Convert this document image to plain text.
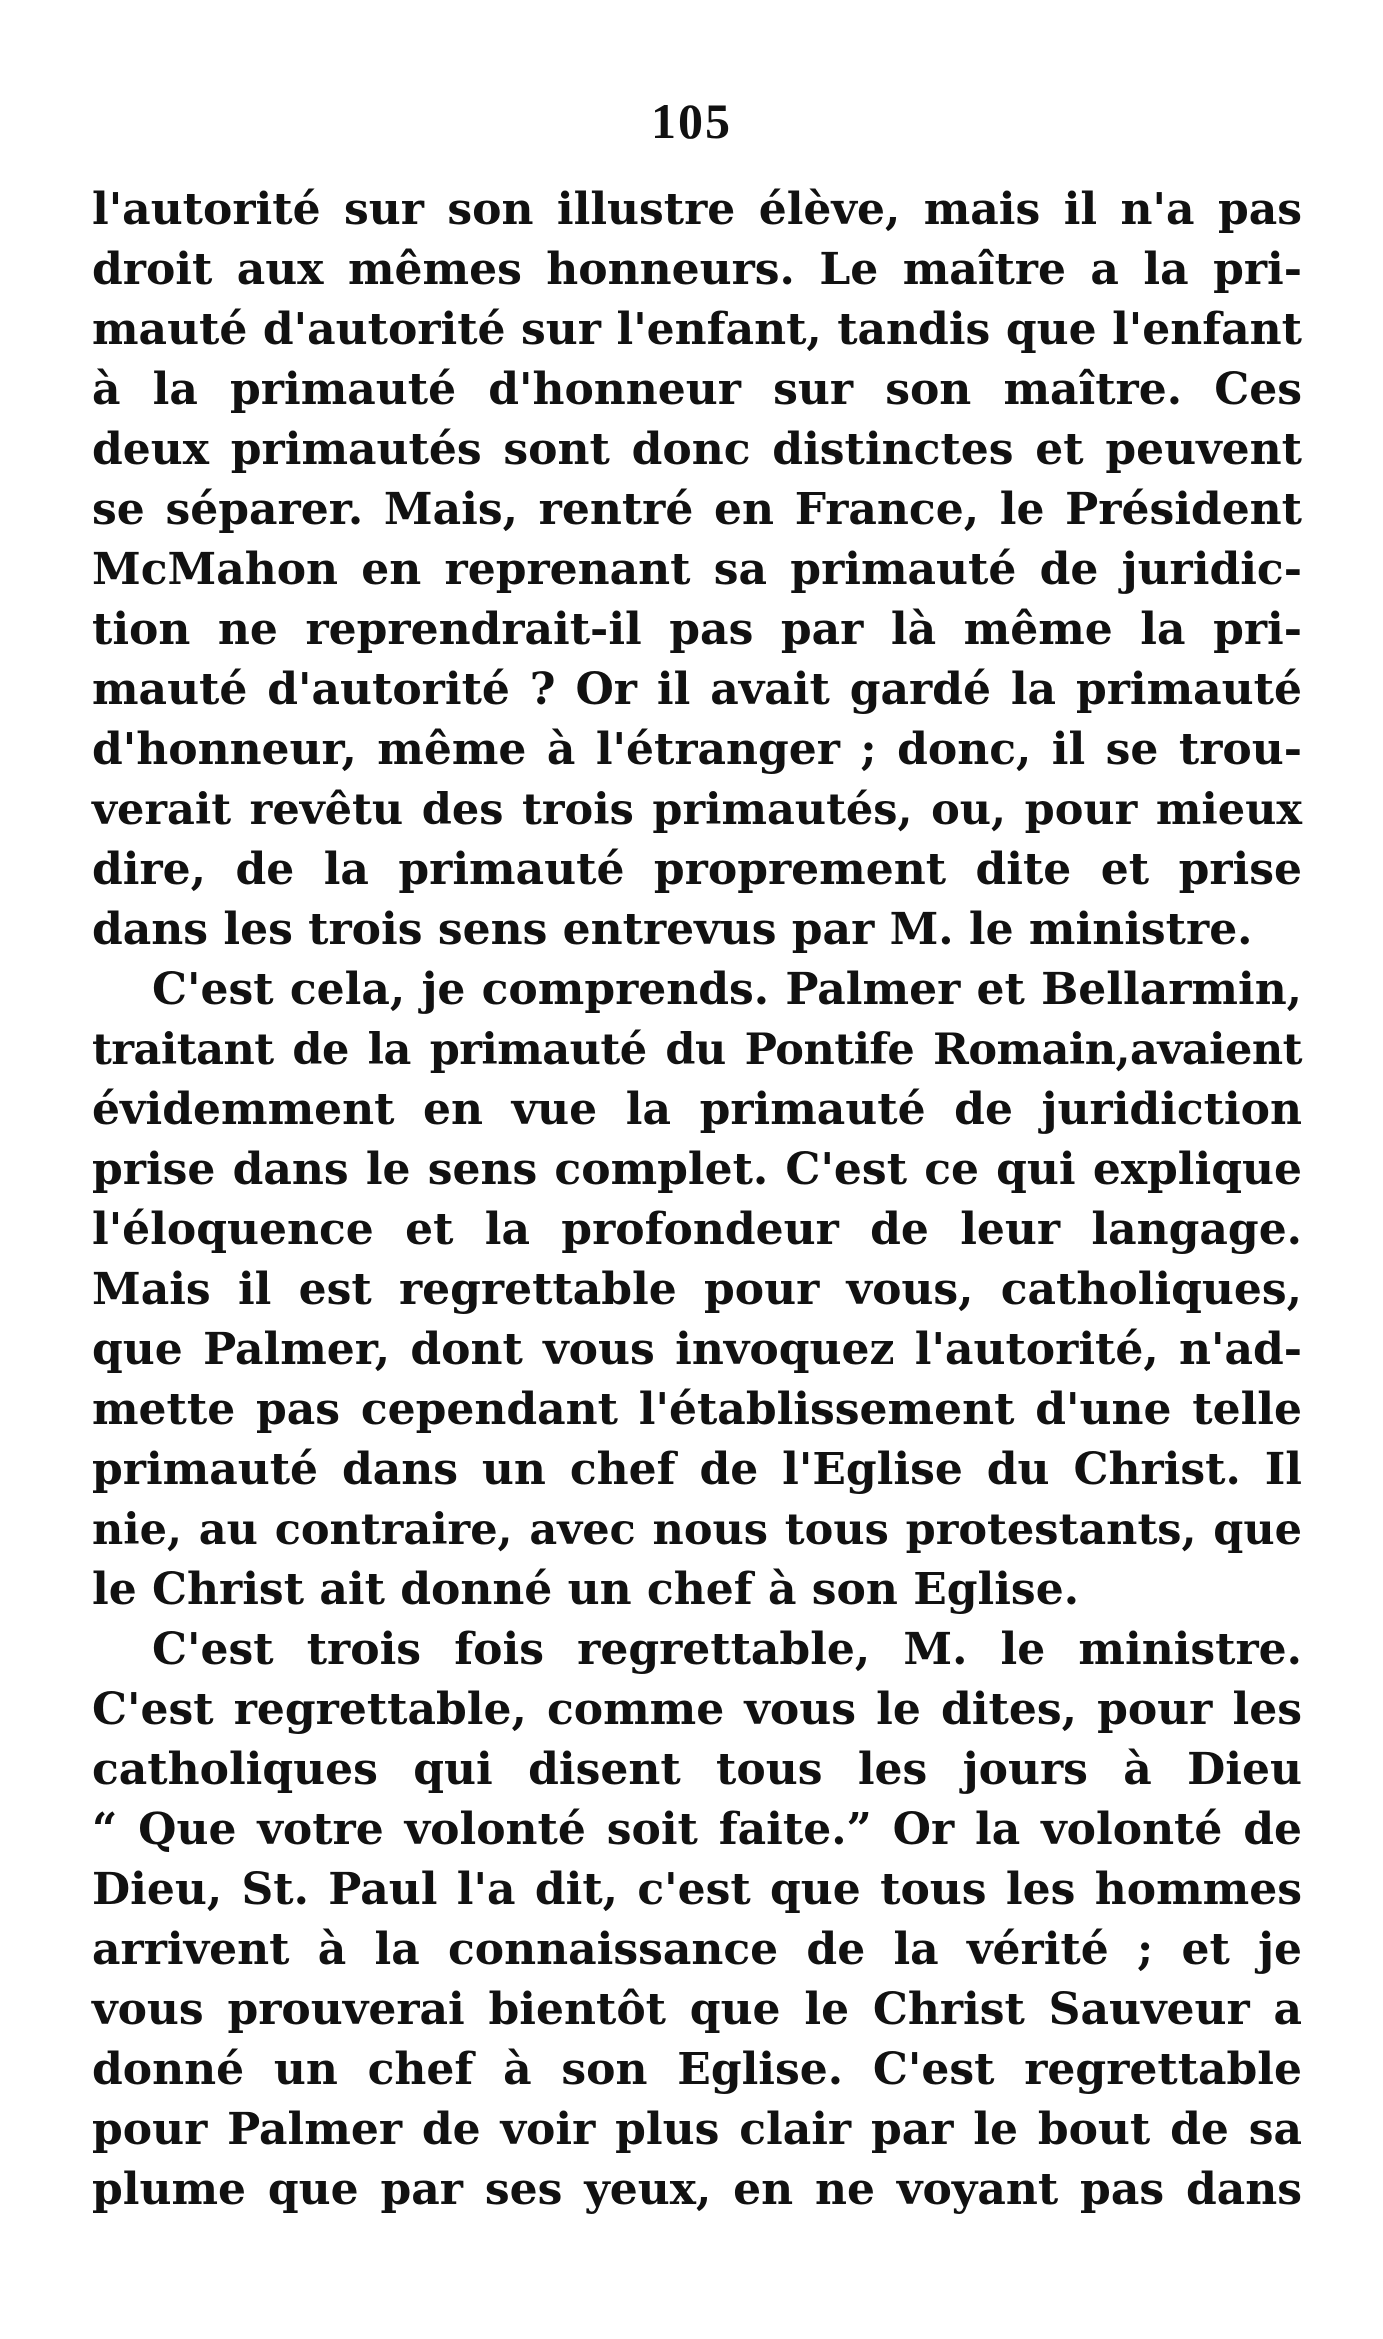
105
l'autorité sur son illustre élève, mais il n'a pas
droit aux mêmes honneurs. Le maître a la pri-
mauté d'autorité sur l'enfant, tandis que l'enfant
à la primauté d'honneur sur son maître. Ces
deux primautés sont donc distinctes et peuvent
se séparer. Mais, rentré en France, le Président
McMahon en reprenant sa primauté de juridic-
tion ne reprendrait-il pas par là même la pri-
mauté d'autorité ? Or il avait gardé la primauté
d'honneur, même à l'étranger ; donc, il se trou-
verait revêtu des trois primautés, ou, pour mieux
dire, de la primauté proprement dite et prise
dans les trois sens entrevus par M. le ministre.
C'est cela, je comprends. Palmer et Bellarmin,
traitant de la primauté du Pontife Romain,avaient
évidemment en vue la primauté de juridiction
prise dans le sens complet. C'est ce qui explique
l'éloquence et la profondeur de leur langage.
Mais il est regrettable pour vous, catholiques,
que Palmer, dont vous invoquez l'autorité, n'ad-
mette pas cependant l'établissement d'une telle
primauté dans un chef de l'Eglise du Christ. Il
nie, au contraire, avec nous tous protestants, que
le Christ ait donné un chef à son Eglise.
C'est trois fois regrettable, M. le ministre.
C'est regrettable, comme vous le dites, pour les
catholiques qui disent tous les jours à Dieu
“ Que votre volonté soit faite.” Or la volonté de
Dieu, St. Paul l'a dit, c'est que tous les hommes
arrivent à la connaissance de la vérité ; et je
vous prouverai bientôt que le Christ Sauveur a
donné un chef à son Eglise. C'est regrettable
pour Palmer de voir plus clair par le bout de sa
plume que par ses yeux, en ne voyant pas dans
